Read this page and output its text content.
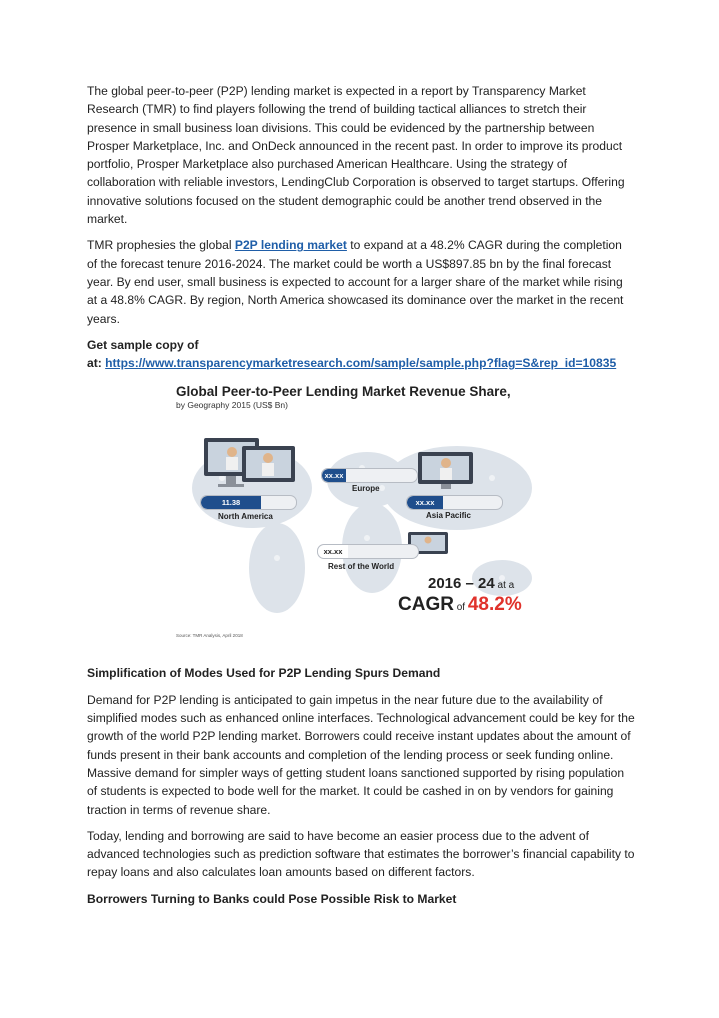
The global peer-to-peer (P2P) lending market is expected in a report by Transparency Market Research (TMR) to find players following the trend of building tactical alliances to stretch their presence in small business loan divisions. This could be evidenced by the partnership between Prosper Marketplace, Inc. and OnDeck announced in the recent past. In order to improve its product portfolio, Prosper Marketplace also purchased American Healthcare. Using the strategy of collaboration with reliable investors, LendingClub Corporation is observed to target startups. Offering innovative solutions focused on the student demographic could be another trend observed in the market.

TMR prophesies the global P2P lending market to expand at a 48.2% CAGR during the completion of the forecast tenure 2016-2024. The market could be worth a US$897.85 bn by the final forecast year. By end user, small business is expected to account for a larger share of the market while rising at a 48.8% CAGR. By region, North America showcased its dominance over the market in the recent years.

Get sample copy of

at: https://www.transparencymarketresearch.com/sample/sample.php?flag=S&rep_id=10835

Global Peer-to-Peer Lending Market Revenue Share,
by Geography 2015 (US$ Bn)
11.38
North America
xx.xx
Europe
xx.xx
Asia Pacific
xx.xx
Rest of the World
2016 – 24 at a
CAGR of 48.2%
Source: TMR Analysis, April 2018

Simplification of Modes Used for P2P Lending Spurs Demand

Demand for P2P lending is anticipated to gain impetus in the near future due to the availability of simplified modes such as enhanced online interfaces. Technological advancement could be key for the growth of the world P2P lending market. Borrowers could receive instant updates about the amount of funds present in their bank accounts and completion of the lending process or seek funding online. Massive demand for simpler ways of getting student loans sanctioned supported by rising population of students is expected to bode well for the market. It could be cashed in on by vendors for gaining traction in terms of revenue share.

Today, lending and borrowing are said to have become an easier process due to the advent of advanced technologies such as prediction software that estimates the borrower’s financial capability to repay loans and also calculates loan amounts based on different factors.

Borrowers Turning to Banks could Pose Possible Risk to Market
